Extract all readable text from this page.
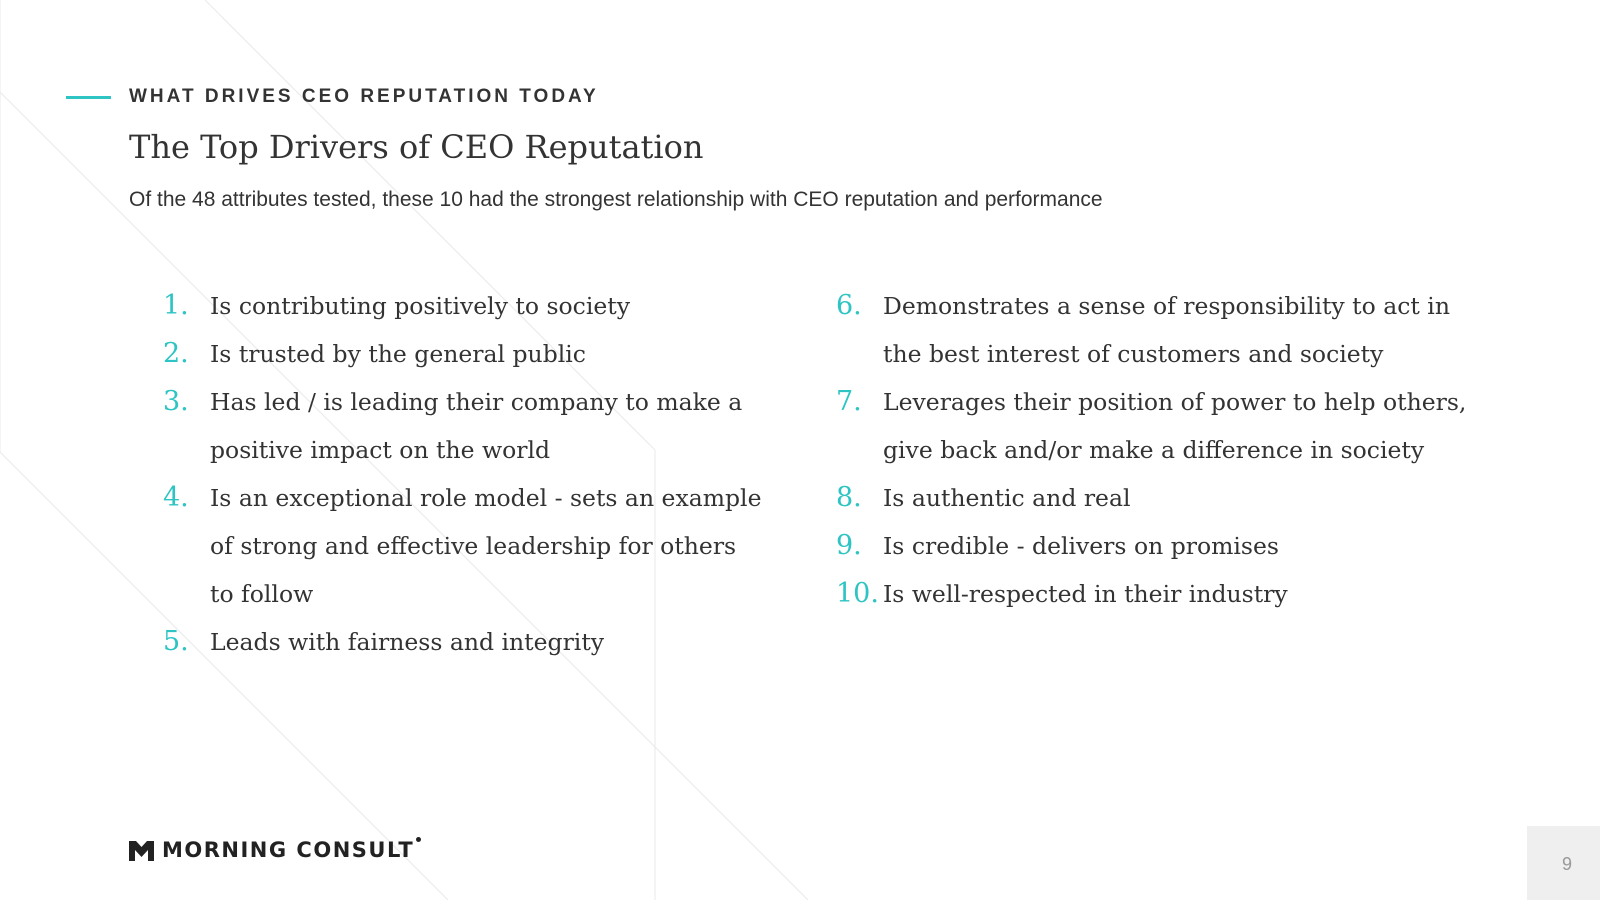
WHAT DRIVES CEO REPUTATION TODAY
The Top Drivers of CEO Reputation
Of the 48 attributes tested, these 10 had the strongest relationship with CEO reputation and performance
1. Is contributing positively to society
2. Is trusted by the general public
3. Has led / is leading their company to make a positive impact on the world
4. Is an exceptional role model - sets an example of strong and effective leadership for others to follow
5. Leads with fairness and integrity
6. Demonstrates a sense of responsibility to act in the best interest of customers and society
7. Leverages their position of power to help others, give back and/or make a difference in society
8. Is authentic and real
9. Is credible - delivers on promises
10. Is well-respected in their industry
MORNING CONSULT
9
